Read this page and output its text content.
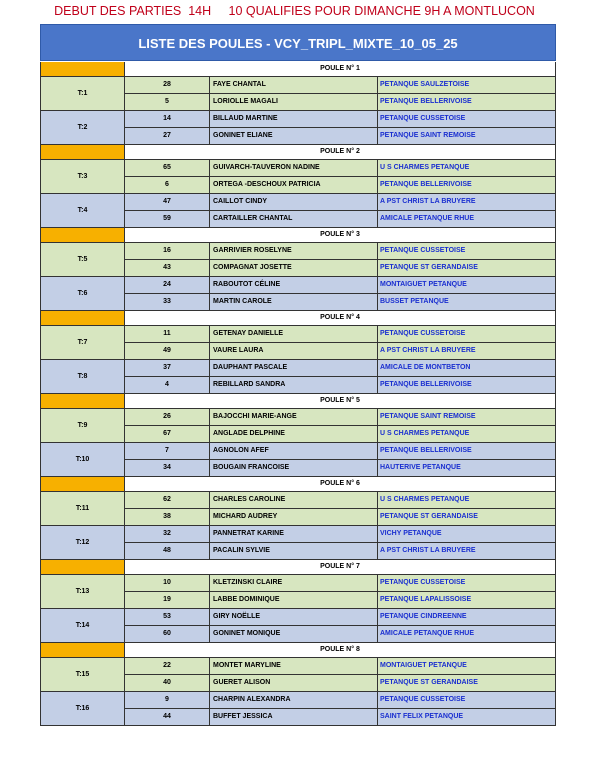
DEBUT DES PARTIES  14H     10 QUALIFIES POUR DIMANCHE 9H A MONTLUCON
LISTE DES POULES - VCY_TRIPL_MIXTE_10_05_25
POULE N° 1
T:1
28	FAYE CHANTAL	PETANQUE SAULZETOISE
5	LORIOLLE MAGALI	PETANQUE BELLERIVOISE
T:2
14	BILLAUD MARTINE	PETANQUE CUSSETOISE
27	GONINET ELIANE	PETANQUE SAINT REMOISE
POULE N° 2
T:3
65	GUIVARCH-TAUVERON NADINE	U S CHARMES PETANQUE
6	ORTEGA -DESCHOUX PATRICIA	PETANQUE BELLERIVOISE
T:4
47	CAILLOT CINDY	A PST CHRIST LA BRUYERE
59	CARTAILLER CHANTAL	AMICALE PETANQUE RHUE
POULE N° 3
T:5
16	GARRIVIER ROSELYNE	PETANQUE CUSSETOISE
43	COMPAGNAT JOSETTE	PETANQUE ST GERANDAISE
T:6
24	RABOUTOT CÉLINE	MONTAIGUET PETANQUE
33	MARTIN CAROLE	BUSSET PETANQUE
POULE N° 4
T:7
11	GETENAY DANIELLE	PETANQUE CUSSETOISE
49	VAURE LAURA	A PST CHRIST LA BRUYERE
T:8
37	DAUPHANT PASCALE	AMICALE DE MONTBETON
4	REBILLARD SANDRA	PETANQUE BELLERIVOISE
POULE N° 5
T:9
26	BAJOCCHI MARIE-ANGE	PETANQUE SAINT REMOISE
67	ANGLADE DELPHINE	U S CHARMES PETANQUE
T:10
7	AGNOLON AFEF	PETANQUE BELLERIVOISE
34	BOUGAIN FRANCOISE	HAUTERIVE PETANQUE
POULE N° 6
T:11
62	CHARLES CAROLINE	U S CHARMES PETANQUE
38	MICHARD AUDREY	PETANQUE ST GERANDAISE
T:12
32	PANNETRAT KARINE	VICHY PETANQUE
48	PACALIN SYLVIE	A PST CHRIST LA BRUYERE
POULE N° 7
T:13
10	KLETZINSKI CLAIRE	PETANQUE CUSSETOISE
19	LABBE DOMINIQUE	PETANQUE LAPALISSOISE
T:14
53	GIRY NOËLLE	PETANQUE CINDREENNE
60	GONINET MONIQUE	AMICALE PETANQUE RHUE
POULE N° 8
T:15
22	MONTET MARYLINE	MONTAIGUET PETANQUE
40	GUERET ALISON	PETANQUE ST GERANDAISE
T:16
9	CHARPIN ALEXANDRA	PETANQUE CUSSETOISE
44	BUFFET JESSICA	SAINT FELIX PETANQUE
